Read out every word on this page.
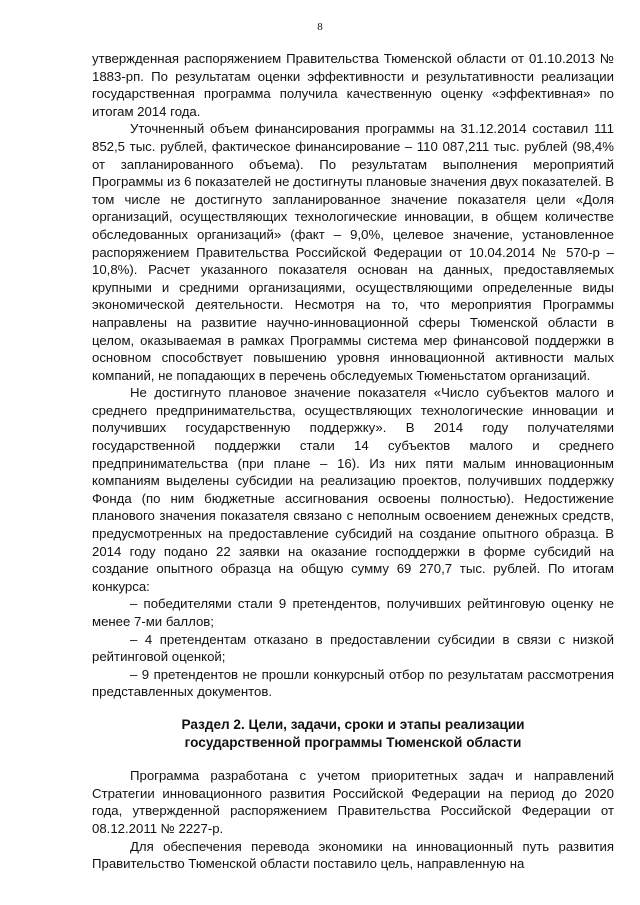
8

утвержденная распоряжением Правительства Тюменской области от 01.10.2013 № 1883-рп. По результатам оценки эффективности и результативности реализации государственная программа получила качественную оценку «эффективная» по итогам 2014 года.

Уточненный объем финансирования программы на 31.12.2014 составил 111 852,5 тыс. рублей, фактическое финансирование – 110 087,211 тыс. рублей (98,4% от запланированного объема). По результатам выполнения мероприятий Программы из 6 показателей не достигнуты плановые значения двух показателей. В том числе не достигнуто запланированное значение показателя цели «Доля организаций, осуществляющих технологические инновации, в общем количестве обследованных организаций» (факт – 9,0%, целевое значение, установленное распоряжением Правительства Российской Федерации от 10.04.2014 № 570-р – 10,8%). Расчет указанного показателя основан на данных, предоставляемых крупными и средними организациями, осуществляющими определенные виды экономической деятельности. Несмотря на то, что мероприятия Программы направлены на развитие научно-инновационной сферы Тюменской области в целом, оказываемая в рамках Программы система мер финансовой поддержки в основном способствует повышению уровня инновационной активности малых компаний, не попадающих в перечень обследуемых Тюменьстатом организаций.

Не достигнуто плановое значение показателя «Число субъектов малого и среднего предпринимательства, осуществляющих технологические инновации и получивших государственную поддержку». В 2014 году получателями государственной поддержки стали 14 субъектов малого и среднего предпринимательства (при плане – 16). Из них пяти малым инновационным компаниям выделены субсидии на реализацию проектов, получивших поддержку Фонда (по ним бюджетные ассигнования освоены полностью). Недостижение планового значения показателя связано с неполным освоением денежных средств, предусмотренных на предоставление субсидий на создание опытного образца. В 2014 году подано 22 заявки на оказание господдержки в форме субсидий на создание опытного образца на общую сумму 69 270,7 тыс. рублей. По итогам конкурса:

– победителями стали 9 претендентов, получивших рейтинговую оценку не менее 7-ми баллов;
– 4 претендентам отказано в предоставлении субсидии в связи с низкой рейтинговой оценкой;
– 9 претендентов не прошли конкурсный отбор по результатам рассмотрения представленных документов.
Раздел 2. Цели, задачи, сроки и этапы реализации
государственной программы Тюменской области

Программа разработана с учетом приоритетных задач и направлений Стратегии инновационного развития Российской Федерации на период до 2020 года, утвержденной распоряжением Правительства Российской Федерации от 08.12.2011 № 2227-р.

Для обеспечения перевода экономики на инновационный путь развития Правительство Тюменской области поставило цель, направленную на
